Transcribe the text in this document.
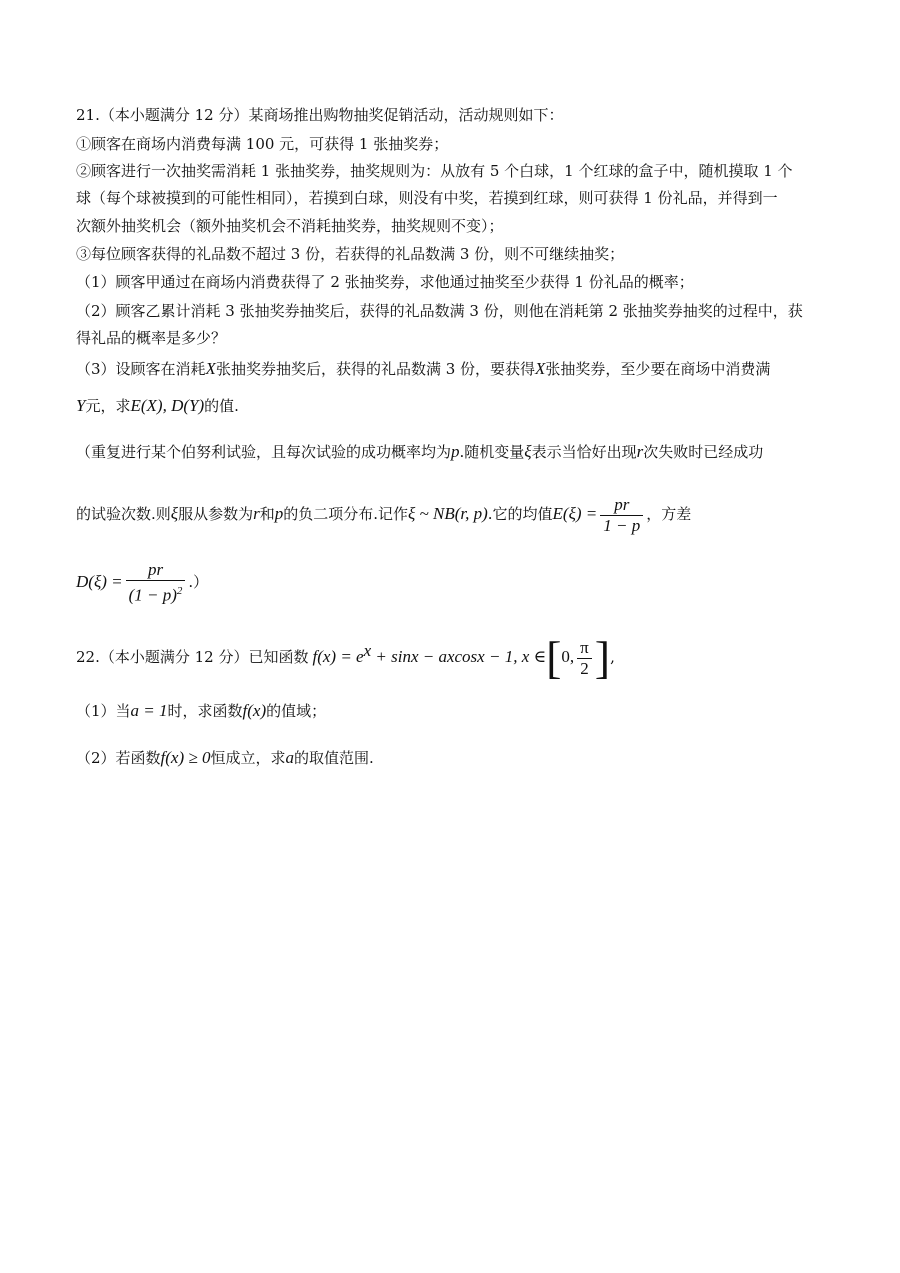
21.（本小题满分 12 分）某商场推出购物抽奖促销活动，活动规则如下：
①顾客在商场内消费每满 100 元，可获得 1 张抽奖券；
②顾客进行一次抽奖需消耗 1 张抽奖券，抽奖规则为：从放有 5 个白球，1 个红球的盒子中，随机摸取 1 个
球（每个球被摸到的可能性相同），若摸到白球，则没有中奖，若摸到红球，则可获得 1 份礼品，并得到一
次额外抽奖机会（额外抽奖机会不消耗抽奖券，抽奖规则不变）；
③每位顾客获得的礼品数不超过 3 份，若获得的礼品数满 3 份，则不可继续抽奖；
（1）顾客甲通过在商场内消费获得了 2 张抽奖券，求他通过抽奖至少获得 1 份礼品的概率；
（2）顾客乙累计消耗 3 张抽奖券抽奖后，获得的礼品数满 3 份，则他在消耗第 2 张抽奖券抽奖的过程中，获
得礼品的概率是多少？
（3）设顾客在消耗X张抽奖券抽奖后，获得的礼品数满 3 份，要获得X张抽奖券，至少要在商场中消费满
Y元，求E(X), D(Y)的值.
（重复进行某个伯努利试验，且每次试验的成功概率均为p.随机变量ξ表示当恰好出现r次失败时已经成功
的试验次数.则ξ服从参数为r和p的负二项分布.记作ξ ~ NB(r, p).它的均值$E(\xi) = \frac{pr}{1 - p}$ ，方差
$D(\xi) = \frac{pr}{(1 - p)^2}$ .）
22.（本小题满分 12 分）已知函数 $f(x) = e^x + \sin x - axcosx - 1$, x ∈[0, $\frac{\pi}{2}$ ],
（1）当a = 1时，求函数f(x)的值域；
（2）若函数f(x) ≥ 0恒成立，求a的取值范围.
